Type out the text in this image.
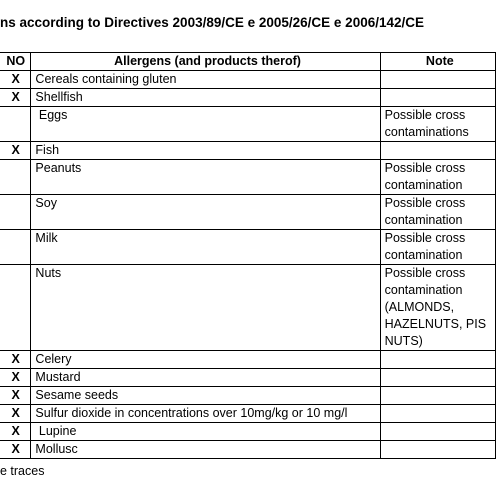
ns according to Directives 2003/89/CE e 2005/26/CE e 2006/142/CE
NO	Allergens (and products therof)	Note
X	Cereals containing gluten	
X	Shellfish	
	Eggs	Possible cross
contaminations

X	Fish	
	Peanuts	Possible cross
contamination

	Soy	Possible cross
contamination

	Milk	Possible cross
contamination

	Nuts	Possible cross
contamination
(ALMONDS,
HAZELNUTS, PIS
NUTS)

X	Celery	
X	Mustard	
X	Sesame seeds	
X	Sulfur dioxide in concentrations over 10mg/kg or 10 mg/l	
X	Lupine	
X	Mollusc	
e traces
